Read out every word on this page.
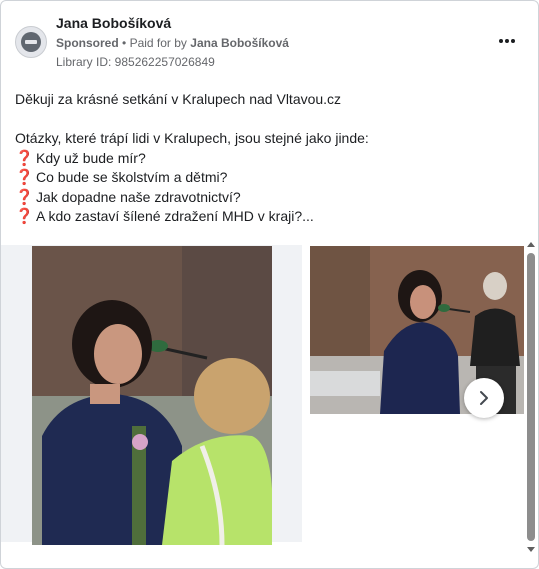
Jana Bobošíková
Sponsored • Paid for by Jana Bobošíková
Library ID: 985262257026849
Děkuji za krásné setkání v Kralupech nad Vltavou.cz
Otázky, které trápí lidi v Kralupech, jsou stejné jako jinde:
❓ Kdy už bude mír?
❓ Co bude se školstvím a dětmi?
❓ Jak dopadne naše zdravotnictví?
❓ A kdo zastaví šílené zdražení MHD v kraji?...
